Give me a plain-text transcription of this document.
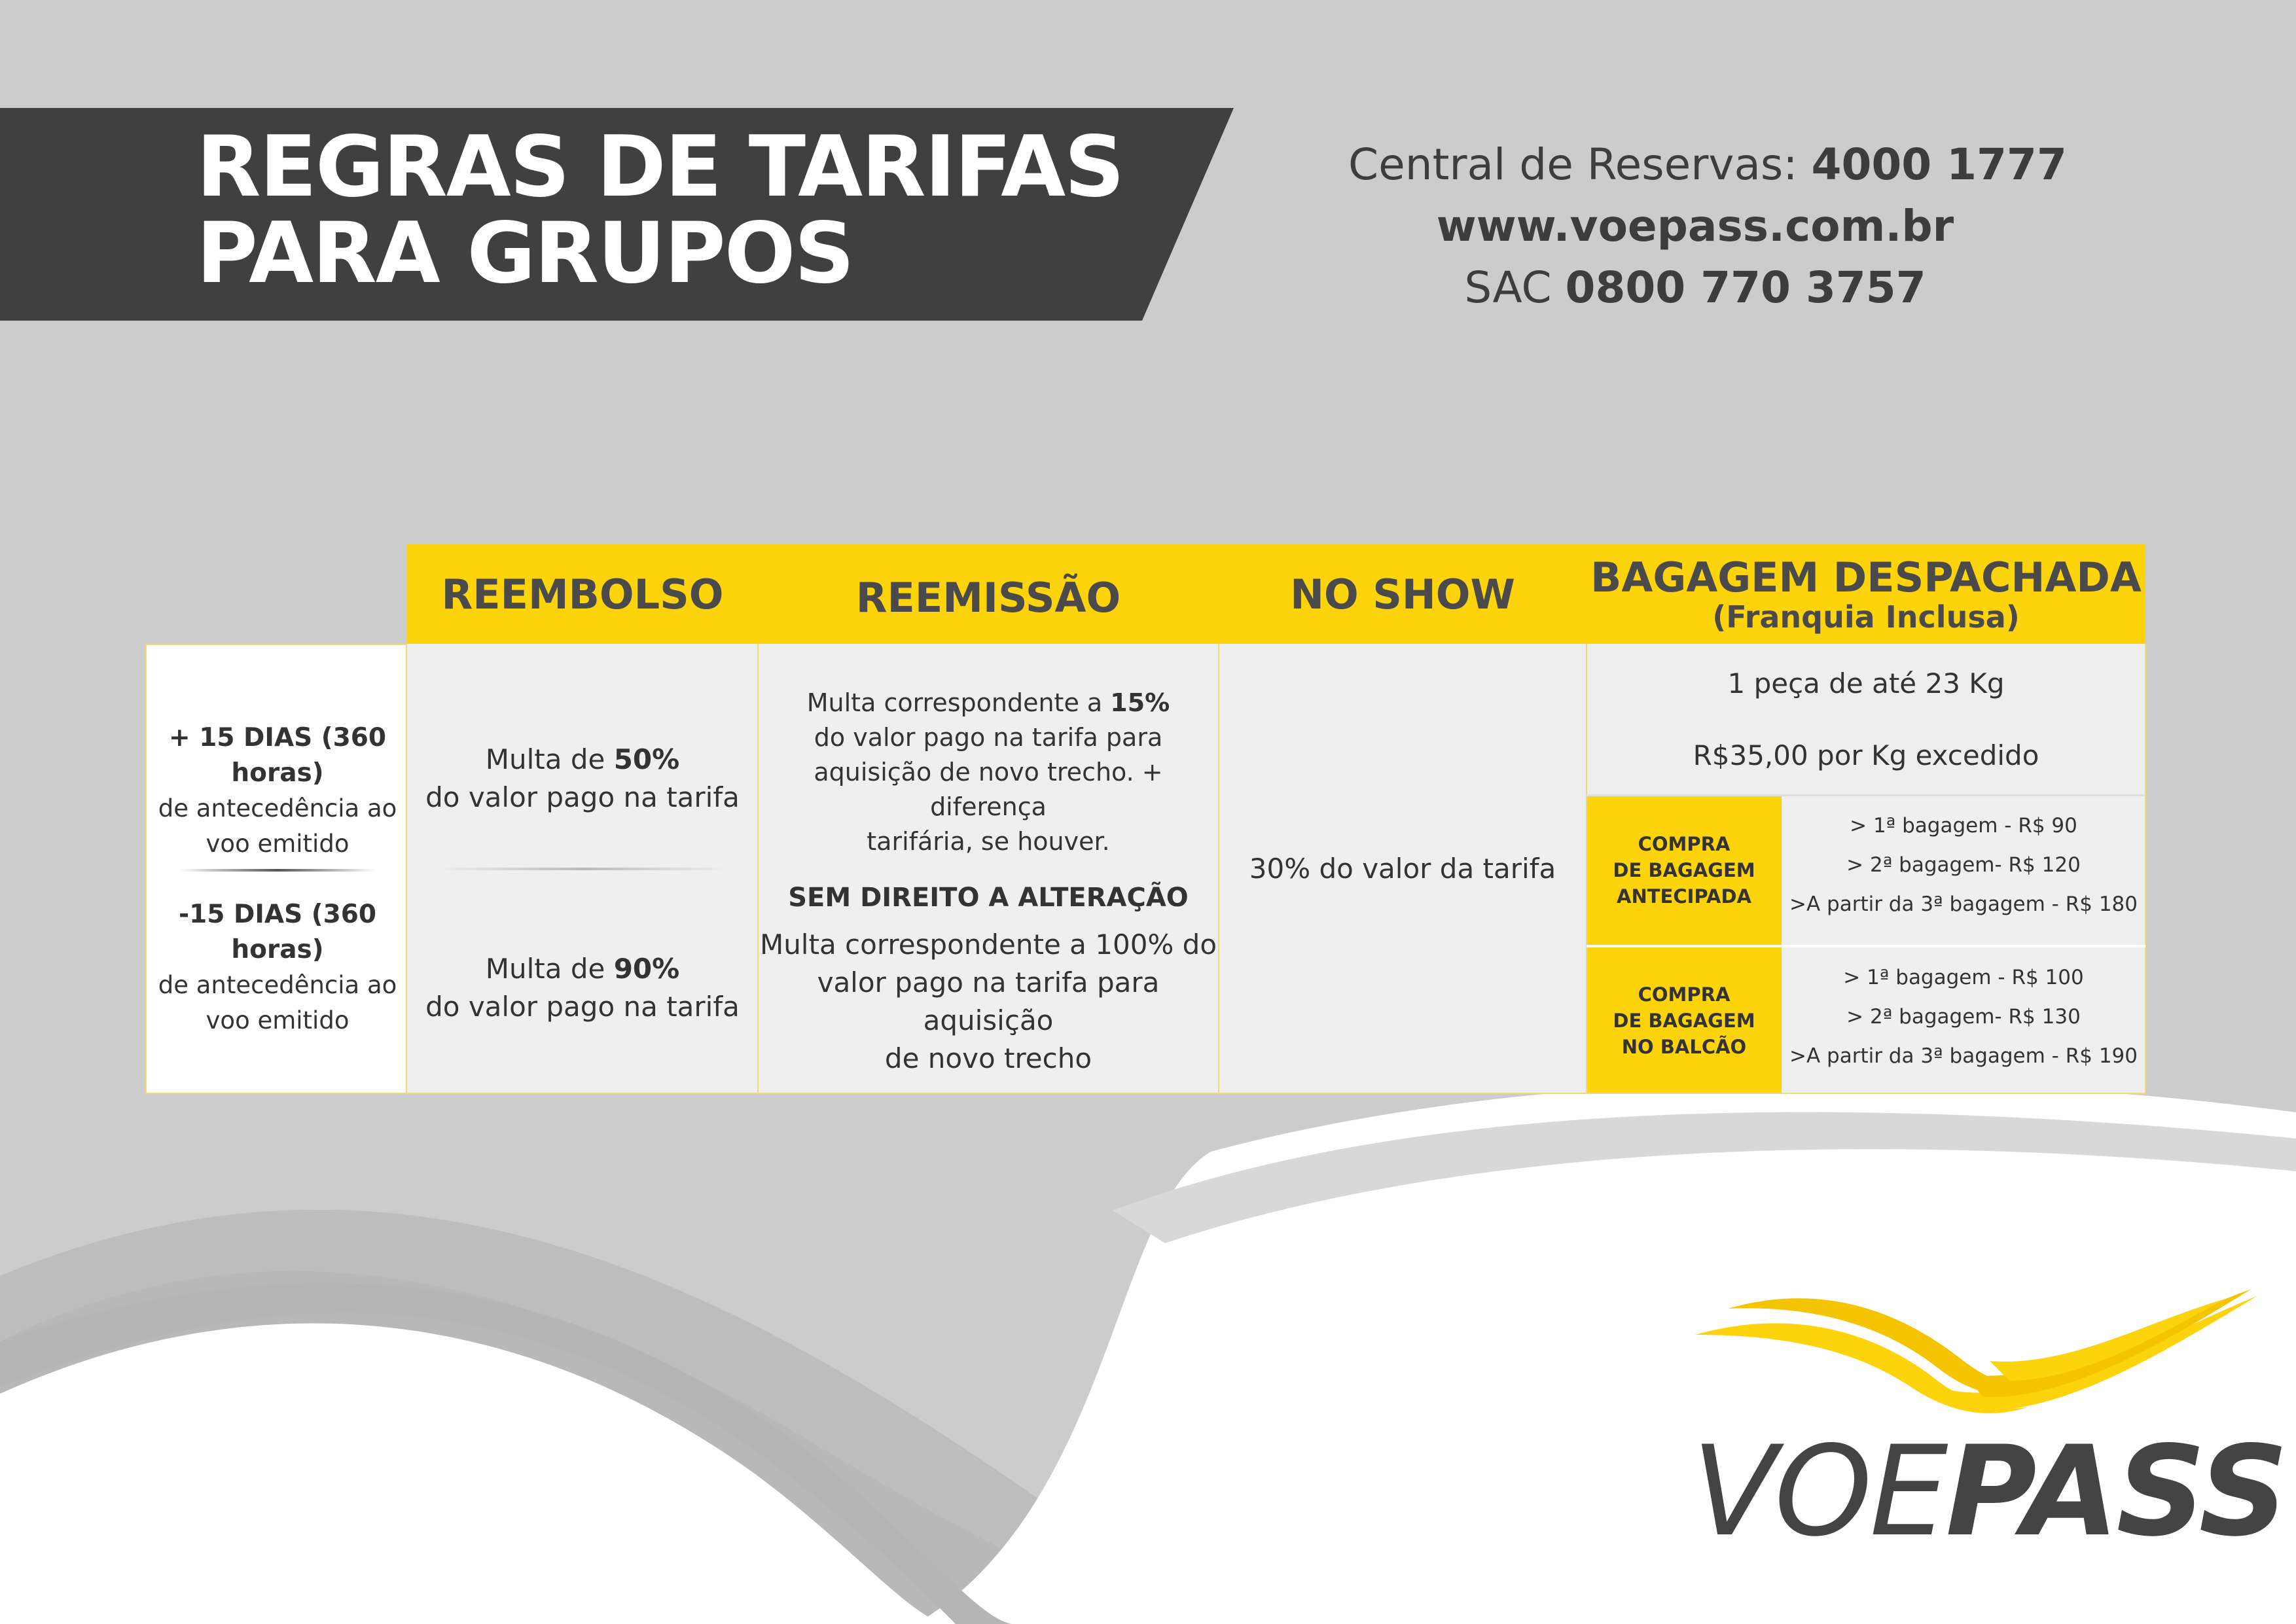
REGRAS DE TARIFAS
PARA GRUPOS
Central de Reservas: 4000 1777
www.voepass.com.br
SAC 0800 770 3757
REEMBOLSO	REEMISSÃO	NO SHOW BAGAGEM DESPACHADA
(Franquia Inclusa)
+ 15 DIAS (360 horas)
de antecedência ao
voo emitido
-15 DIAS (360 horas)
de antecedência ao
voo emitido
Multa de 50%
do valor pago na tarifa
Multa de 90%
do valor pago na tarifa
Multa correspondente a 15%
do valor pago na tarifa para
aquisição de novo trecho. + diferença
tarifária, se houver.
SEM DIREITO A ALTERAÇÃO
Multa correspondente a 100% do
valor pago na tarifa para aquisição
de novo trecho
30% do valor da tarifa
1 peça de até 23 Kg
R$35,00 por Kg excedido
COMPRA
DE BAGAGEM
ANTECIPADA
> 1ª bagagem - R$ 90
> 2ª bagagem- R$ 120
>A partir da 3ª bagagem - R$ 180
COMPRA
DE BAGAGEM
NO BALCÃO
> 1ª bagagem - R$ 100
> 2ª bagagem- R$ 130
>A partir da 3ª bagagem - R$ 190
VOEPASS
